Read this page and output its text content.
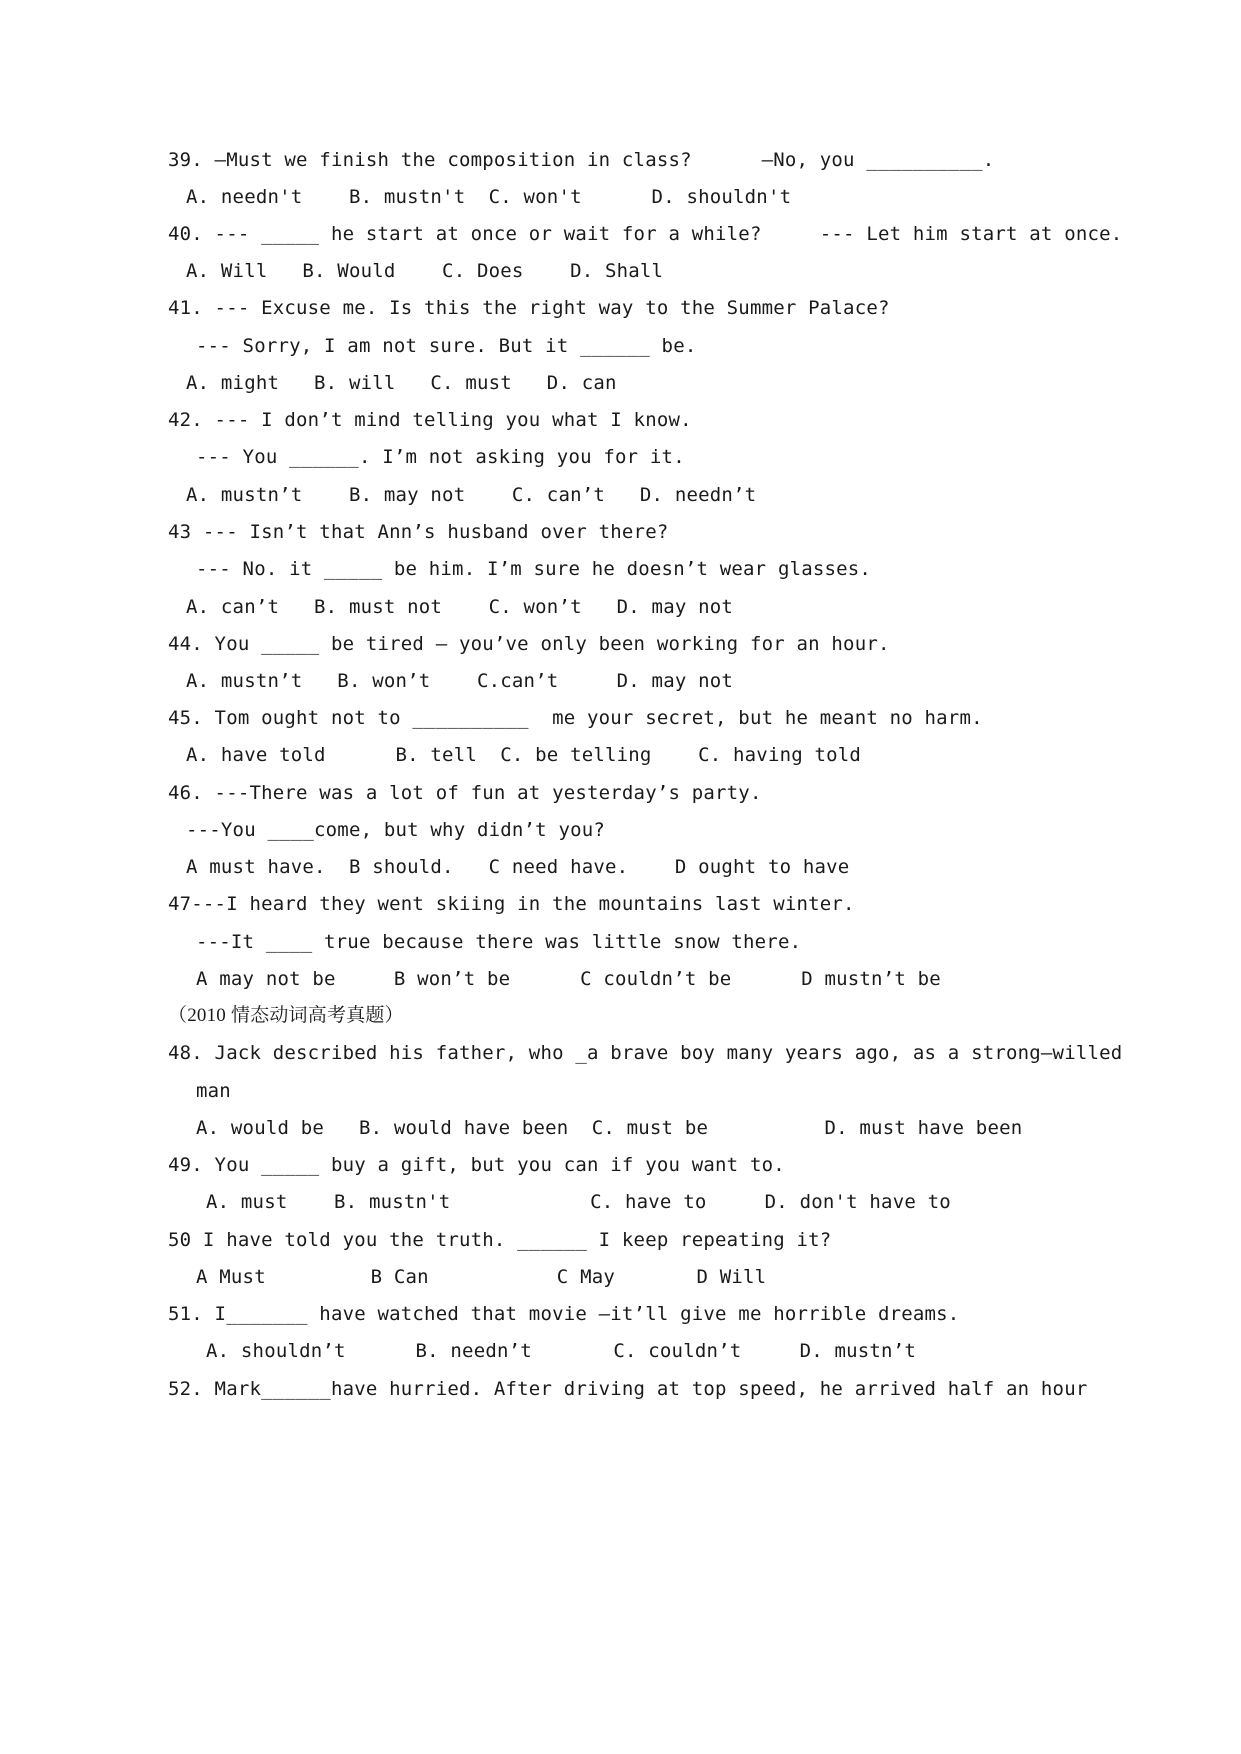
39. —Must we finish the composition in class?      —No, you __________.
A. needn't    B. mustn't  C. won't      D. shouldn't
40. --- _____ he start at once or wait for a while?     --- Let him start at once.
A. Will   B. Would    C. Does    D. Shall
41. --- Excuse me. Is this the right way to the Summer Palace?
--- Sorry, I am not sure. But it ______ be.
A. might   B. will   C. must   D. can
42. --- I don’t mind telling you what I know.
--- You ______. I’m not asking you for it.
A. mustn’t    B. may not    C. can’t   D. needn’t
43 --- Isn’t that Ann’s husband over there?
--- No. it _____ be him. I’m sure he doesn’t wear glasses.
A. can’t   B. must not    C. won’t   D. may not
44. You _____ be tired – you’ve only been working for an hour.
A. mustn’t   B. won’t    C.can’t     D. may not
45. Tom ought not to __________  me your secret, but he meant no harm.
A. have told      B. tell  C. be telling    C. having told
46. ---There was a lot of fun at yesterday’s party.
---You ____come, but why didn’t you?
A must have.  B should.   C need have.    D ought to have
47---I heard they went skiing in the mountains last winter.
---It ____ true because there was little snow there.
A may not be     B won’t be      C couldn’t be      D mustn’t be
（2010 情态动词高考真题）
48. Jack described his father, who _a brave boy many years ago, as a strong–willed
man
A. would be   B. would have been  C. must be          D. must have been
49. You _____ buy a gift, but you can if you want to.
A. must    B. mustn't            C. have to     D. don't have to
50 I have told you the truth. ______ I keep repeating it?
A Must         B Can           C May       D Will
51. I_______ have watched that movie —it’ll give me horrible dreams.
A. shouldn’t      B. needn’t       C. couldn’t     D. mustn’t
52. Mark______have hurried. After driving at top speed, he arrived half an hour
